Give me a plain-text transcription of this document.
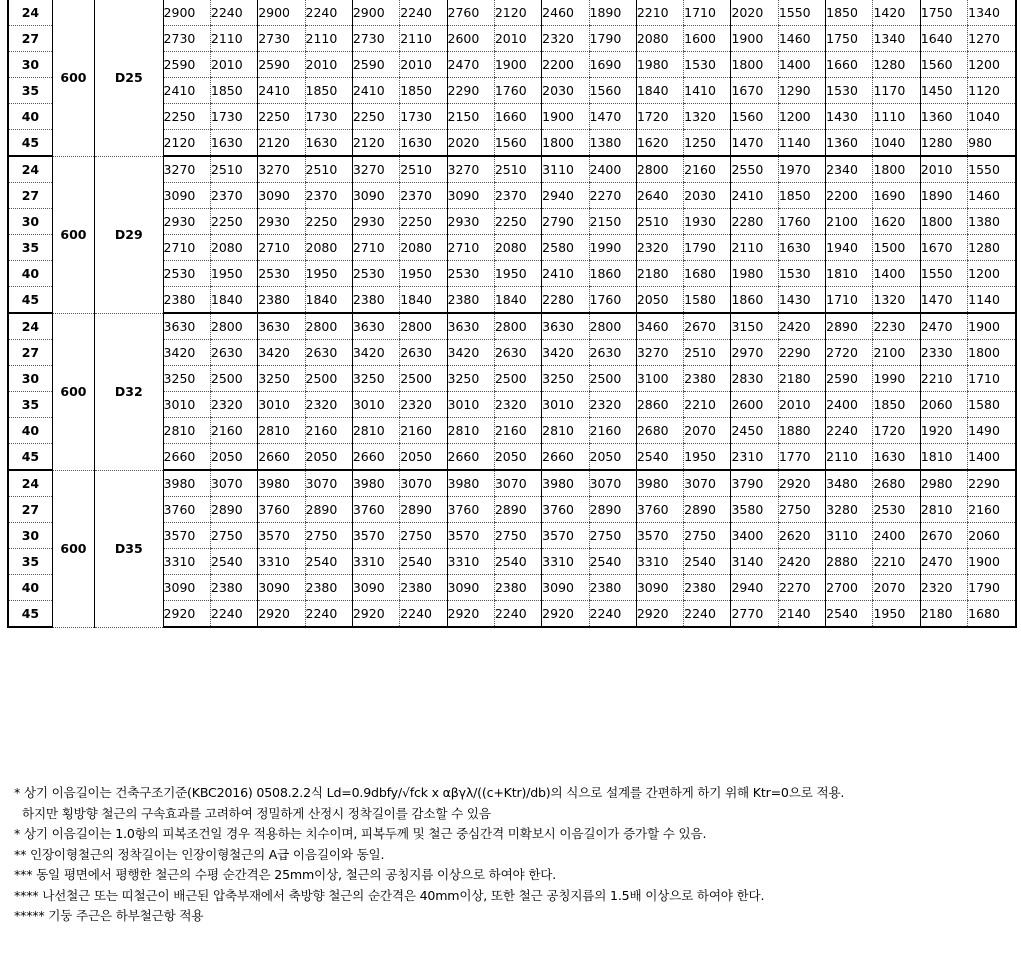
24	600	D25	2900	2240	2900	2240	2900	2240	2760	2120	2460	1890	2210	1710	2020	1550	1850	1420	1750	1340
27			2730	2110	2730	2110	2730	2110	2600	2010	2320	1790	2080	1600	1900	1460	1750	1340	1640	1270
30			2590	2010	2590	2010	2590	2010	2470	1900	2200	1690	1980	1530	1800	1400	1660	1280	1560	1200
35			2410	1850	2410	1850	2410	1850	2290	1760	2030	1560	1840	1410	1670	1290	1530	1170	1450	1120
40			2250	1730	2250	1730	2250	1730	2150	1660	1900	1470	1720	1320	1560	1200	1430	1110	1360	1040
45			2120	1630	2120	1630	2120	1630	2020	1560	1800	1380	1620	1250	1470	1140	1360	1040	1280	980
24	600	D29	3270	2510	3270	2510	3270	2510	3270	2510	3110	2400	2800	2160	2550	1970	2340	1800	2010	1550
27			3090	2370	3090	2370	3090	2370	3090	2370	2940	2270	2640	2030	2410	1850	2200	1690	1890	1460
30			2930	2250	2930	2250	2930	2250	2930	2250	2790	2150	2510	1930	2280	1760	2100	1620	1800	1380
35			2710	2080	2710	2080	2710	2080	2710	2080	2580	1990	2320	1790	2110	1630	1940	1500	1670	1280
40			2530	1950	2530	1950	2530	1950	2530	1950	2410	1860	2180	1680	1980	1530	1810	1400	1550	1200
45			2380	1840	2380	1840	2380	1840	2380	1840	2280	1760	2050	1580	1860	1430	1710	1320	1470	1140
24	600	D32	3630	2800	3630	2800	3630	2800	3630	2800	3630	2800	3460	2670	3150	2420	2890	2230	2470	1900
27			3420	2630	3420	2630	3420	2630	3420	2630	3420	2630	3270	2510	2970	2290	2720	2100	2330	1800
30			3250	2500	3250	2500	3250	2500	3250	2500	3250	2500	3100	2380	2830	2180	2590	1990	2210	1710
35			3010	2320	3010	2320	3010	2320	3010	2320	3010	2320	2860	2210	2600	2010	2400	1850	2060	1580
40			2810	2160	2810	2160	2810	2160	2810	2160	2810	2160	2680	2070	2450	1880	2240	1720	1920	1490
45			2660	2050	2660	2050	2660	2050	2660	2050	2660	2050	2540	1950	2310	1770	2110	1630	1810	1400
24	600	D35	3980	3070	3980	3070	3980	3070	3980	3070	3980	3070	3980	3070	3790	2920	3480	2680	2980	2290
27			3760	2890	3760	2890	3760	2890	3760	2890	3760	2890	3760	2890	3580	2750	3280	2530	2810	2160
30			3570	2750	3570	2750	3570	2750	3570	2750	3570	2750	3570	2750	3400	2620	3110	2400	2670	2060
35			3310	2540	3310	2540	3310	2540	3310	2540	3310	2540	3310	2540	3140	2420	2880	2210	2470	1900
40			3090	2380	3090	2380	3090	2380	3090	2380	3090	2380	3090	2380	2940	2270	2700	2070	2320	1790
45			2920	2240	2920	2240	2920	2240	2920	2240	2920	2240	2920	2240	2770	2140	2540	1950	2180	1680
* 상기 이음길이는 건축구조기준(KBC2016) 0508.2.2식 Ld=0.9dbfy/√fck x αβγλ/((c+Ktr)/db)의 식으로 설계를 간편하게 하기 위해 Ktr=0으로 적용.
하지만 횡방향 철근의 구속효과를 고려하여 정밀하게 산정시 정착길이를 감소할 수 있음
* 상기 이음길이는 1.0항의 피복조건일 경우 적용하는 치수이며, 피복두께 및 철근 중심간격 미확보시 이음길이가 증가할 수 있음.
** 인장이형철근의 정착길이는 인장이형철근의 A급 이음길이와 동일.
*** 동일 평면에서 평행한 철근의 수평 순간격은 25mm이상, 철근의 공칭지름 이상으로 하여야 한다.
**** 나선철근 또는 띠철근이 배근된 압축부재에서 축방향 철근의 순간격은 40mm이상, 또한 철근 공칭지름의 1.5배 이상으로 하여야 한다.
***** 기둥 주근은 하부철근항 적용
